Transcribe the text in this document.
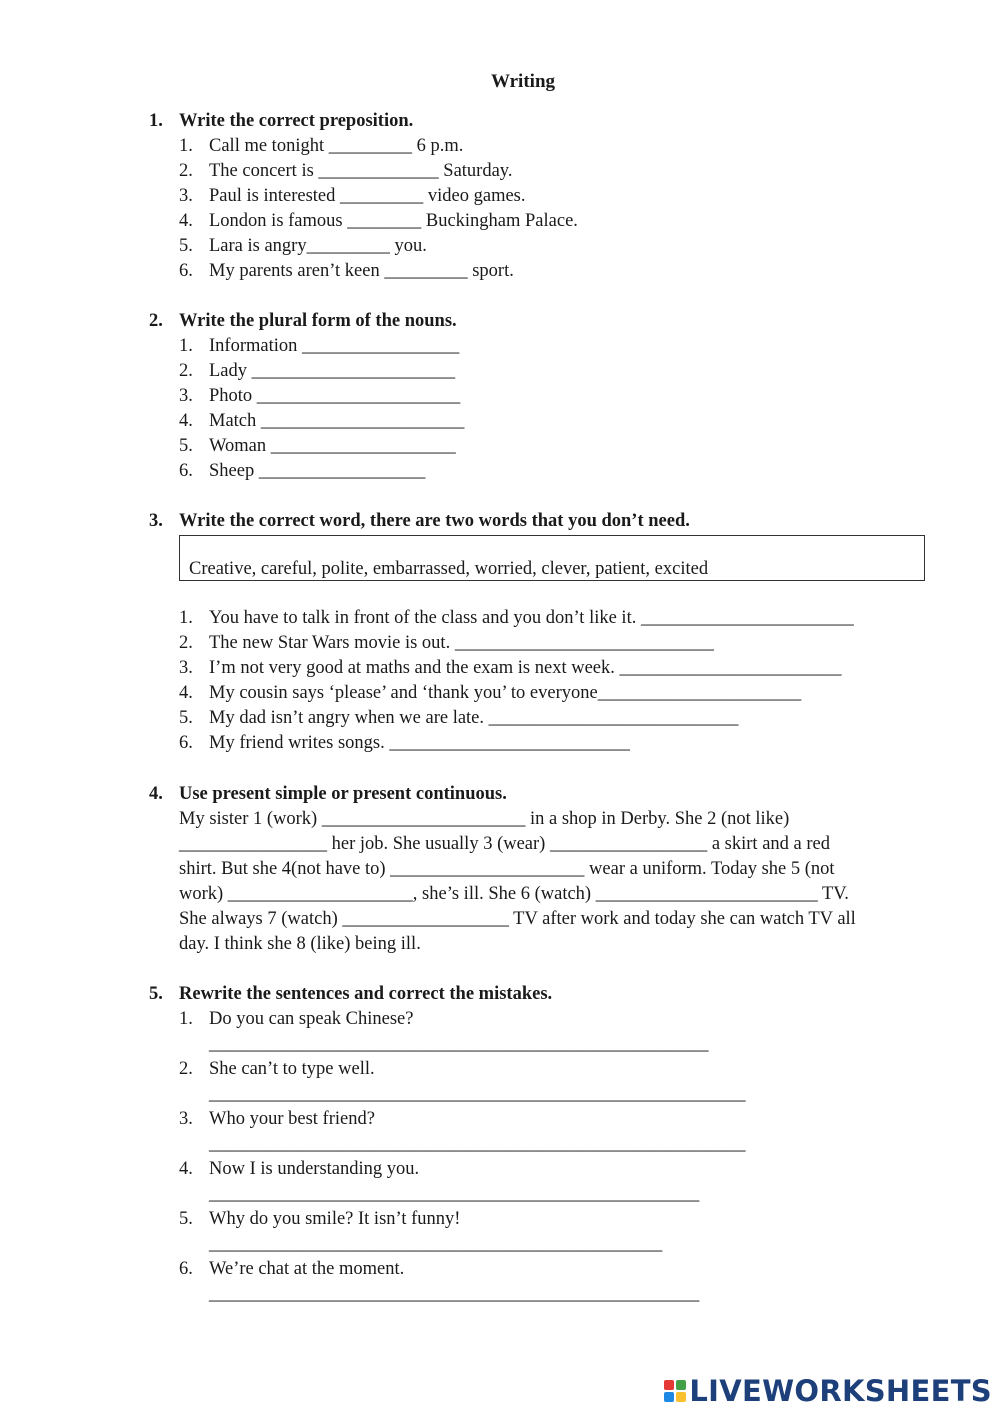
Writing
1. Write the correct preposition.
1. Call me tonight _________ 6 p.m.
2. The concert is _____________ Saturday.
3. Paul is interested _________ video games.
4. London is famous ________ Buckingham Palace.
5. Lara is angry_________ you.
6. My parents aren’t keen _________ sport.
2. Write the plural form of the nouns.
1. Information _________________
2. Lady ______________________
3. Photo ______________________
4. Match ______________________
5. Woman ____________________
6. Sheep __________________
3. Write the correct word, there are two words that you don’t need.
Creative, careful, polite, embarrassed, worried, clever, patient, excited
1. You have to talk in front of the class and you don’t like it. _______________________
2. The new Star Wars movie is out. ____________________________
3. I’m not very good at maths and the exam is next week. ________________________
4. My cousin says ‘please’ and ‘thank you’ to everyone______________________
5. My dad isn’t angry when we are late. ___________________________
6. My friend writes songs. __________________________
4. Use present simple or present continuous.
My sister 1 (work) ______________________ in a shop in Derby. She 2 (not like)
________________ her job. She usually 3 (wear) _________________ a skirt and a red
shirt. But she 4(not have to) _____________________ wear a uniform. Today she 5 (not
work) ____________________, she’s ill. She 6 (watch) ________________________ TV.
She always 7 (watch) __________________ TV after work and today she can watch TV all
day. I think she 8 (like) being ill.
5. Rewrite the sentences and correct the mistakes.
1. Do you can speak Chinese?
______________________________________________________
2. She can’t to type well.
__________________________________________________________
3. Who your best friend?
__________________________________________________________
4. Now I is understanding you.
_____________________________________________________
5. Why do you smile? It isn’t funny!
_________________________________________________
6. We’re chat at the moment.
_____________________________________________________
LIVEWORKSHEETS
